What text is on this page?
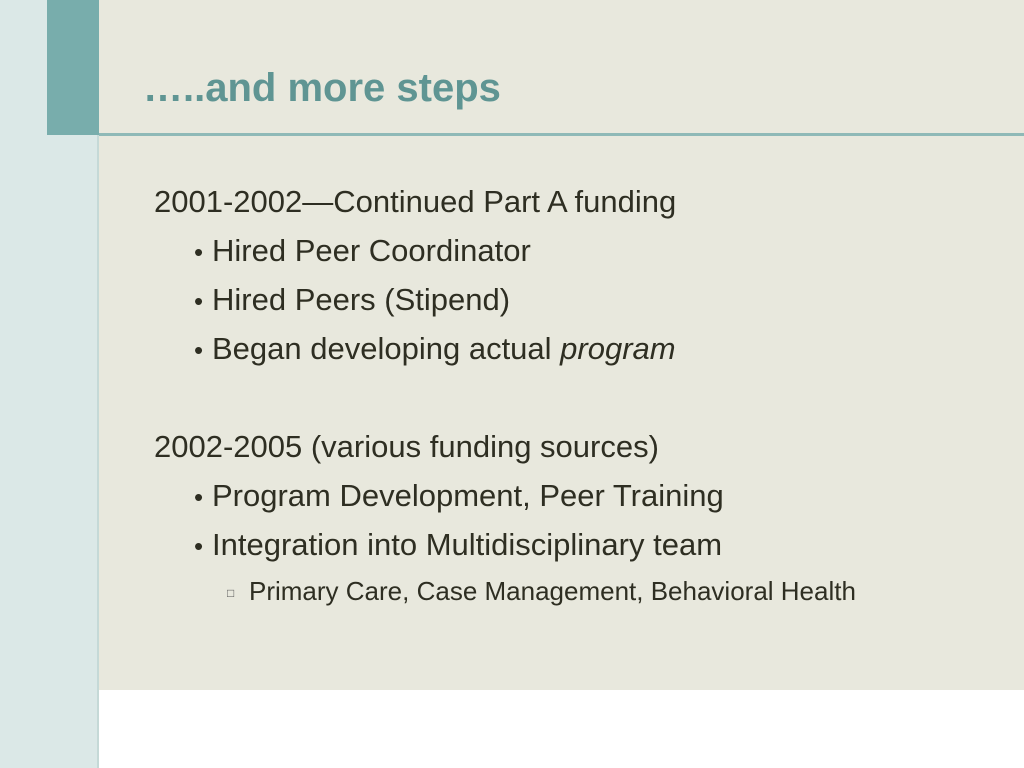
…..and more steps
2001-2002—Continued Part A funding
• Hired Peer Coordinator
• Hired Peers (Stipend)
• Began developing actual program
2002-2005 (various funding sources)
• Program Development, Peer Training
• Integration into Multidisciplinary team
□ Primary Care, Case Management, Behavioral Health
